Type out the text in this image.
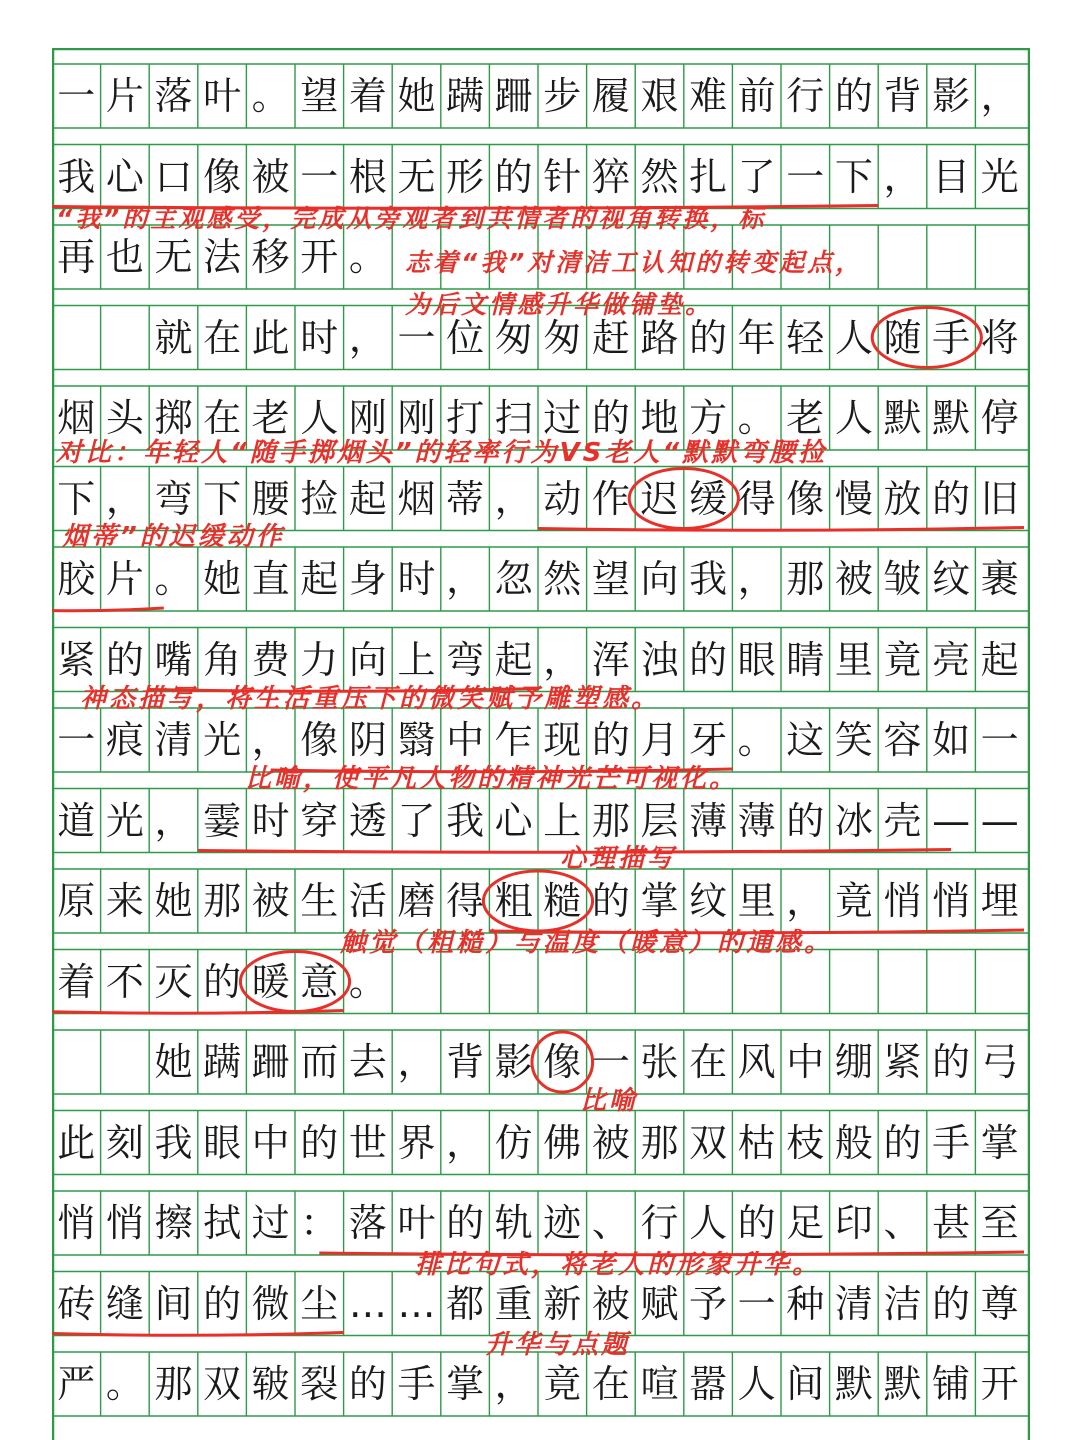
一 片 落 叶 。 望 着 她 蹒 跚 步 履 艰 难 前 行 的 背 影 ，
我 心 口 像 被 一 根 无 形 的 针 猝 然 扎 了 一 下 ， 目 光
再 也 无 法 移 开 。
就 在 此 时 ， 一 位 匆 匆 赶 路 的 年 轻 人 随 手 将
烟 头 掷 在 老 人 刚 刚 打 扫 过 的 地 方 。 老 人 默 默 停
下 ， 弯 下 腰 捡 起 烟 蒂 ， 动 作 迟 缓 得 像 慢 放 的 旧
胶 片 。 她 直 起 身 时 ， 忽 然 望 向 我 ， 那 被 皱 纹 裹
紧 的 嘴 角 费 力 向 上 弯 起 ， 浑 浊 的 眼 睛 里 竟 亮 起
一 痕 清 光 ， 像 阴 翳 中 乍 现 的 月 牙 。 这 笑 容 如 一
道 光 ， 霎 时 穿 透 了 我 心 上 那 层 薄 薄 的 冰 壳 — —
原 来 她 那 被 生 活 磨 得 粗 糙 的 掌 纹 里 ， 竟 悄 悄 埋
着 不 灭 的 暖 意 。
她 蹒 跚 而 去 ， 背 影 像 一 张 在 风 中 绷 紧 的 弓
此 刻 我 眼 中 的 世 界 ， 仿 佛 被 那 双 枯 枝 般 的 手 掌
悄 悄 擦 拭 过 ： 落 叶 的 轨 迹 、 行 人 的 足 印 、 甚 至
砖 缝 间 的 微 尘 … … 都 重 新 被 赋 予 一 种 清 洁 的 尊
严 。 那 双 皲 裂 的 手 掌 ， 竟 在 喧 嚣 人 间 默 默 铺 开
“我”的主观感受，完成从旁观者到共情者的视角转换，标
志着“我”对清洁工认知的转变起点，
为后文情感升华做铺垫。
对比：年轻人“随手掷烟头”的轻率行为VS老人“默默弯腰捡
烟蒂”的迟缓动作
神态描写，将生活重压下的微笑赋予雕塑感。
比喻，使平凡人物的精神光芒可视化。
心理描写
触觉（粗糙）与温度（暖意）的通感。
比喻
排比句式，将老人的形象升华。
升华与点题
